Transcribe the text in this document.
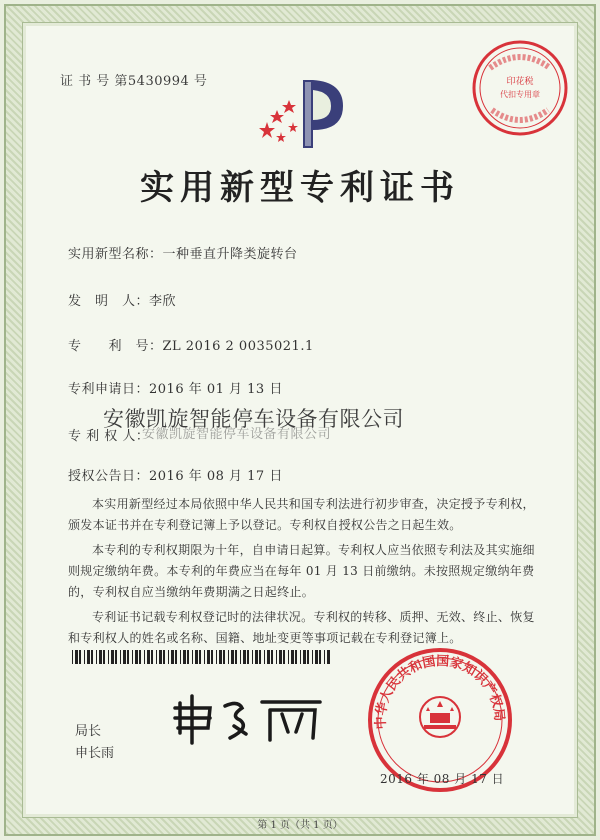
证 书 号 第5430994 号	印花税
代扣专用章
实用新型专利证书
实用新型名称：一种垂直升降类旋转台
发　明　人：李欣
专　　利　号：ZL 2016 2 0035021.1
专利申请日：2016 年 01 月 13 日
专 利 权 人：
安徽凯旋智能停车设备有限公司
安徽凯旋智能停车设备有限公司
授权公告日：2016 年 08 月 17 日

本实用新型经过本局依照中华人民共和国专利法进行初步审查，决定授予专利权，颁发本证书并在专利登记簿上予以登记。专利权自授权公告之日起生效。

本专利的专利权期限为十年，自申请日起算。专利权人应当依照专利法及其实施细则规定缴纳年费。本专利的年费应当在每年 01 月 13 日前缴纳。未按照规定缴纳年费的，专利权自应当缴纳年费期满之日起终止。

专利证书记载专利权登记时的法律状况。专利权的转移、质押、无效、终止、恢复和专利权人的姓名或名称、国籍、地址变更等事项记载在专利登记簿上。

局长
申长雨
中华人民共和国国家知识产权局
2016 年 08 月 17 日
第 1 页（共 1 页）
